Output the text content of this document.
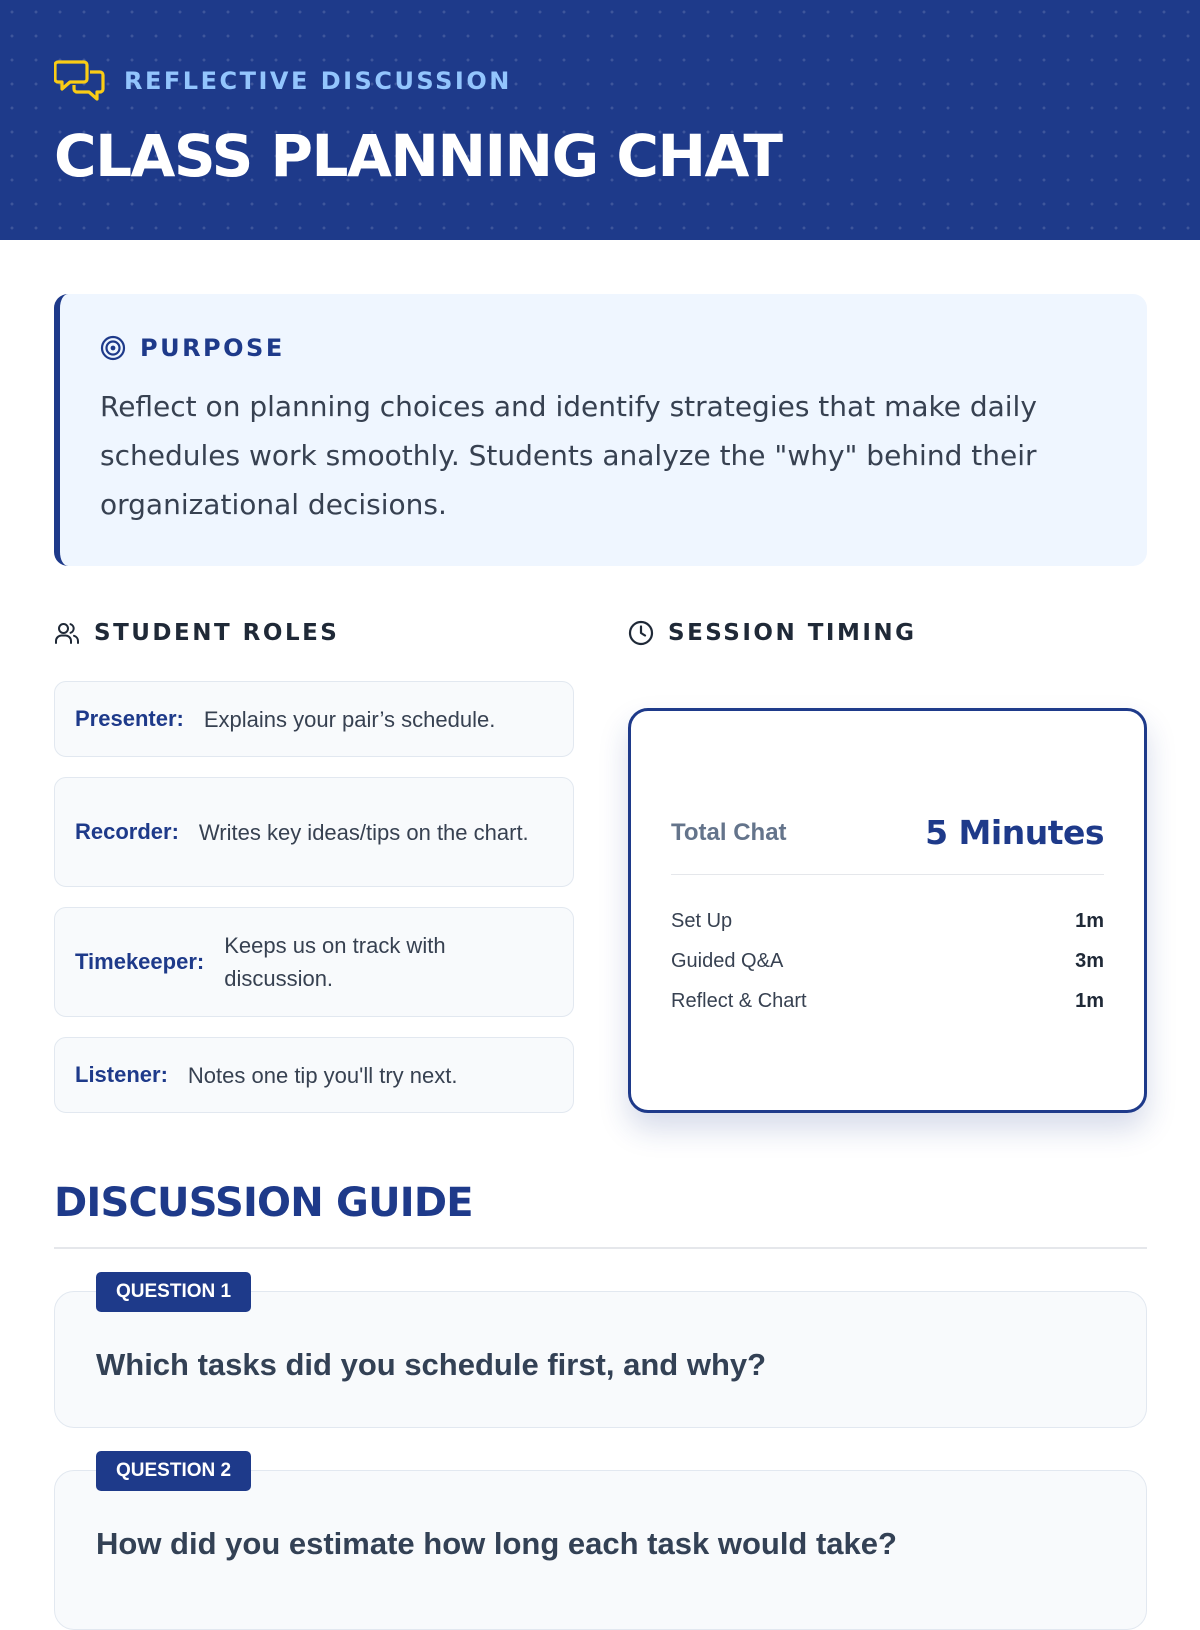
REFLECTIVE DISCUSSION
CLASS PLANNING CHAT
PURPOSE

Reflect on planning choices and identify strategies that make daily schedules work smoothly. Students analyze the "why" behind their organizational decisions.

STUDENT ROLES	SESSION TIMING
Presenter: Explains your pair’s schedule.
Recorder: Writes key ideas/tips on the chart.
Timekeeper:
Keeps us on track with discussion.
Listener: Notes one tip you'll try next.
Total Chat	5 Minutes
Set Up	1m
Guided Q&A	3m
Reflect & Chart	1m
DISCUSSION GUIDE
QUESTION 1
Which tasks did you schedule first, and why?
QUESTION 2
How did you estimate how long each task would take?
